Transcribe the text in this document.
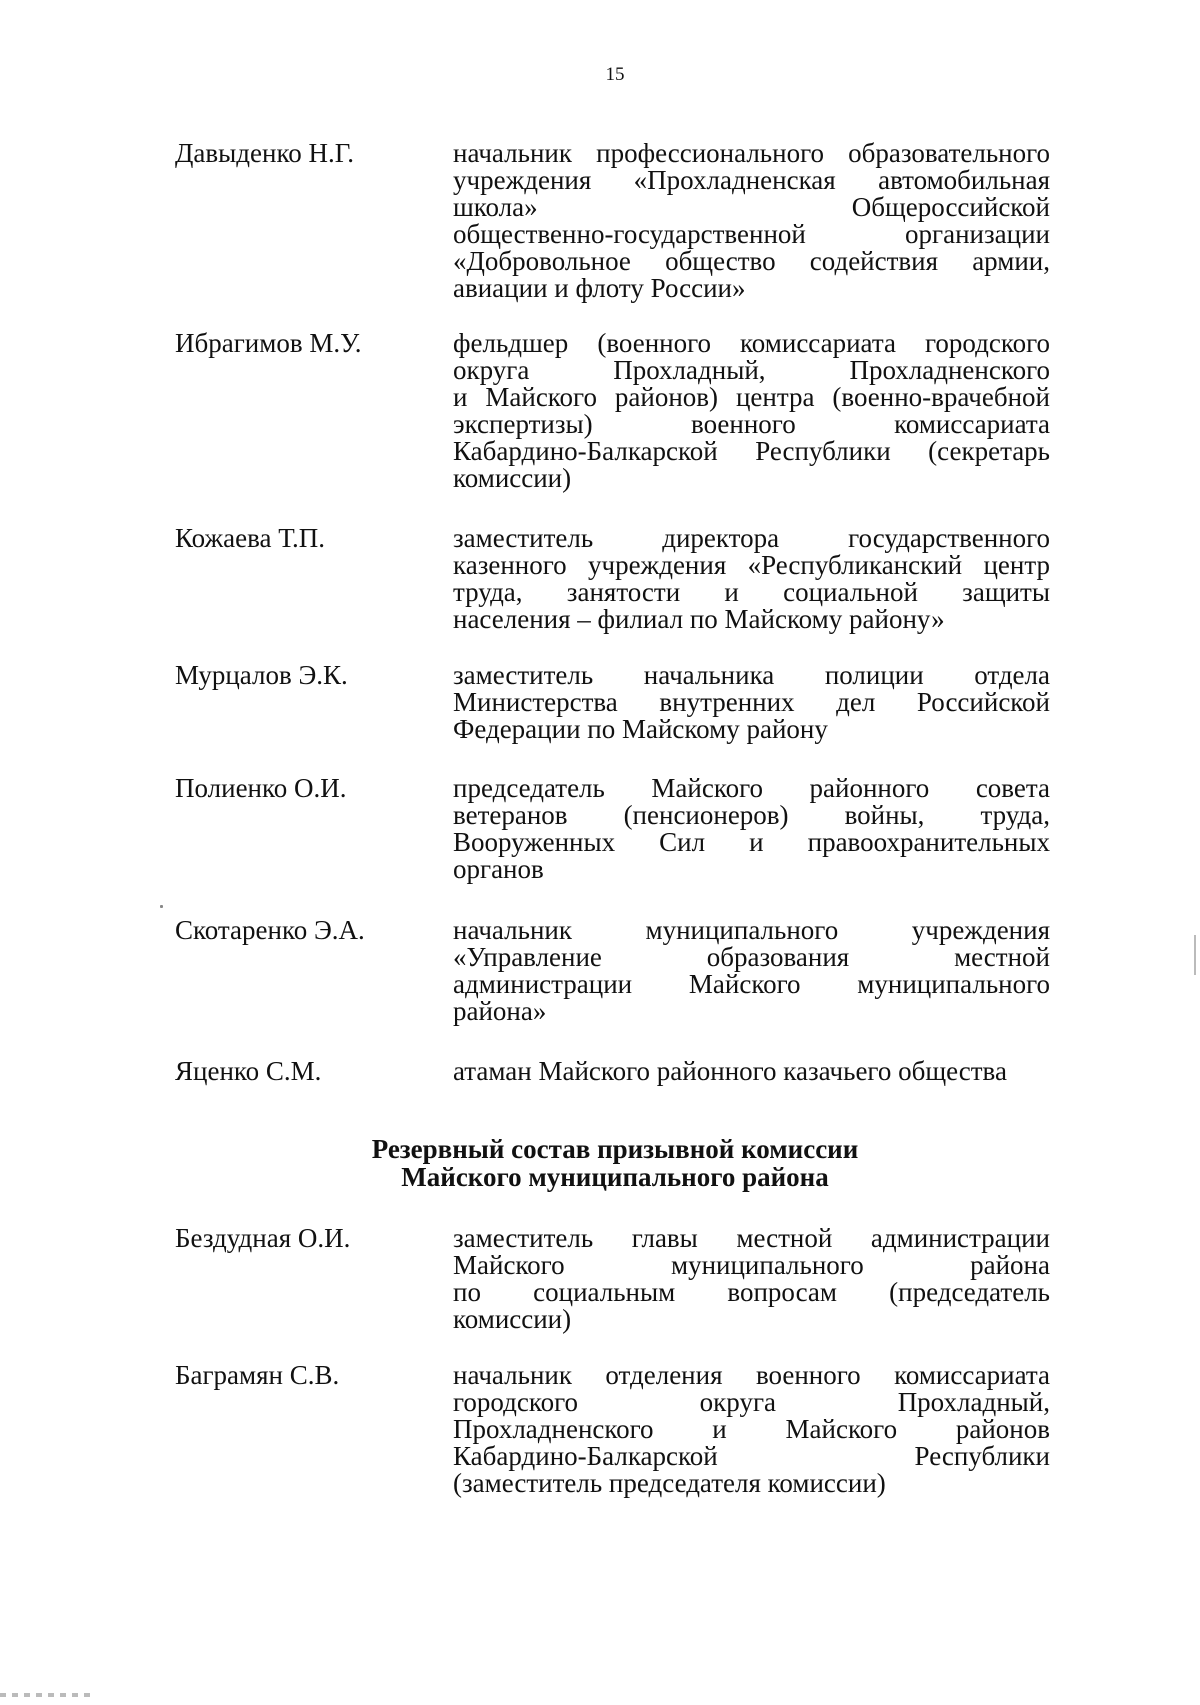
15
Давыденко Н.Г.	начальник профессионального образовательного
учреждения «Прохладненская автомобильная
школа» Общероссийской
общественно-государственной организации
«Добровольное общество содействия армии,
авиации и флоту России»
Ибрагимов М.У.	фельдшер (военного комиссариата городского
округа Прохладный, Прохладненского
и Майского районов) центра (военно-врачебной
экспертизы) военного комиссариата
Кабардино-Балкарской Республики (секретарь
комиссии)
Кожаева Т.П.	заместитель директора государственного
казенного учреждения «Республиканский центр
труда, занятости и социальной защиты
населения – филиал по Майскому району»
Мурцалов Э.К.	заместитель начальника полиции отдела
Министерства внутренних дел Российской
Федерации по Майскому району
Полиенко О.И.	председатель Майского районного совета
ветеранов (пенсионеров) войны, труда,
Вооруженных Сил и правоохранительных
органов
Скотаренко Э.А.	начальник муниципального учреждения
«Управление образования местной
администрации Майского муниципального
района»
Яценко С.М.	атаман Майского районного казачьего общества
Резервный состав призывной комиссии
Майского муниципального района
Бездудная О.И.	заместитель главы местной администрации
Майского муниципального района
по социальным вопросам (председатель
комиссии)
Баграмян С.В.	начальник отделения военного комиссариата
городского округа Прохладный,
Прохладненского и Майского районов
Кабардино-Балкарской Республики
(заместитель председателя комиссии)
